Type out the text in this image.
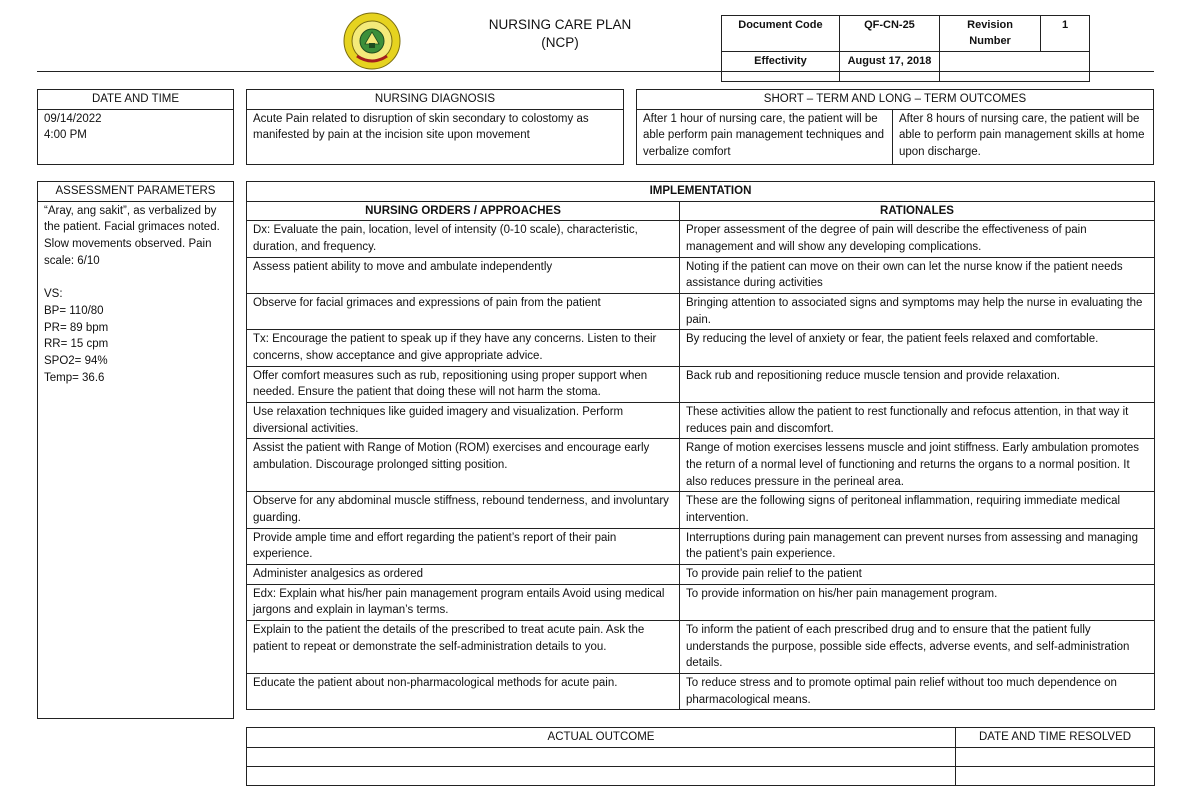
NURSING CARE PLAN
(NCP)
Document Code	QF-CN-25	Revision Number	1
Effectivity	August 17, 2018		
DATE AND TIME

09/14/2022
4:00 PM
NURSING DIAGNOSIS
Acute Pain related to disruption of skin secondary to colostomy as manifested by pain at the incision site upon movement
SHORT – TERM AND LONG – TERM OUTCOMES
After 1 hour of nursing care, the patient will be able perform pain management techniques and verbalize comfort	After 8 hours of nursing care, the patient will be able to perform pain management skills at home upon discharge.
ASSESSMENT PARAMETERS

“Aray, ang sakit”, as verbalized by the patient. Facial grimaces noted. Slow movements observed. Pain scale: 6/10
VS:
BP= 110/80
PR= 89 bpm
RR= 15 cpm
SPO2= 94%
Temp= 36.6
IMPLEMENTATION	
NURSING ORDERS / APPROACHES	RATIONALES
Dx: Evaluate the pain, location, level of intensity (0-10 scale), characteristic, duration, and frequency.	Proper assessment of the degree of pain will describe the effectiveness of pain management and will show any developing complications.
Assess patient ability to move and ambulate independently	Noting if the patient can move on their own can let the nurse know if the patient needs assistance during activities
Observe for facial grimaces and expressions of pain from the patient	Bringing attention to associated signs and symptoms may help the nurse in evaluating the pain.
Tx: Encourage the patient to speak up if they have any concerns. Listen to their concerns, show acceptance and give appropriate advice.	By reducing the level of anxiety or fear, the patient feels relaxed and comfortable.
Offer comfort measures such as rub, repositioning using proper support when needed. Ensure the patient that doing these will not harm the stoma.	Back rub and repositioning reduce muscle tension and provide relaxation.
Use relaxation techniques like guided imagery and visualization. Perform diversional activities.	These activities allow the patient to rest functionally and refocus attention, in that way it reduces pain and discomfort.
Assist the patient with Range of Motion (ROM) exercises and encourage early ambulation. Discourage prolonged sitting position.	Range of motion exercises lessens muscle and joint stiffness. Early ambulation promotes the return of a normal level of functioning and returns the organs to a normal position. It also reduces pressure in the perineal area.
Observe for any abdominal muscle stiffness, rebound tenderness, and involuntary guarding.	These are the following signs of peritoneal inflammation, requiring immediate medical intervention.
Provide ample time and effort regarding the patient’s report of their pain experience.	Interruptions during pain management can prevent nurses from assessing and managing the patient’s pain experience.
Administer analgesics as ordered	To provide pain relief to the patient
Edx: Explain what his/her pain management program entails Avoid using medical jargons and explain in layman’s terms.	To provide information on his/her pain management program.
Explain to the patient the details of the prescribed to treat acute pain. Ask the patient to repeat or demonstrate the self-administration details to you.	To inform the patient of each prescribed drug and to ensure that the patient fully understands the purpose, possible side effects, adverse events, and self-administration details.
Educate the patient about non-pharmacological methods for acute pain.	To reduce stress and to promote optimal pain relief without too much dependence on pharmacological means.
ACTUAL OUTCOME	DATE AND TIME RESOLVED
